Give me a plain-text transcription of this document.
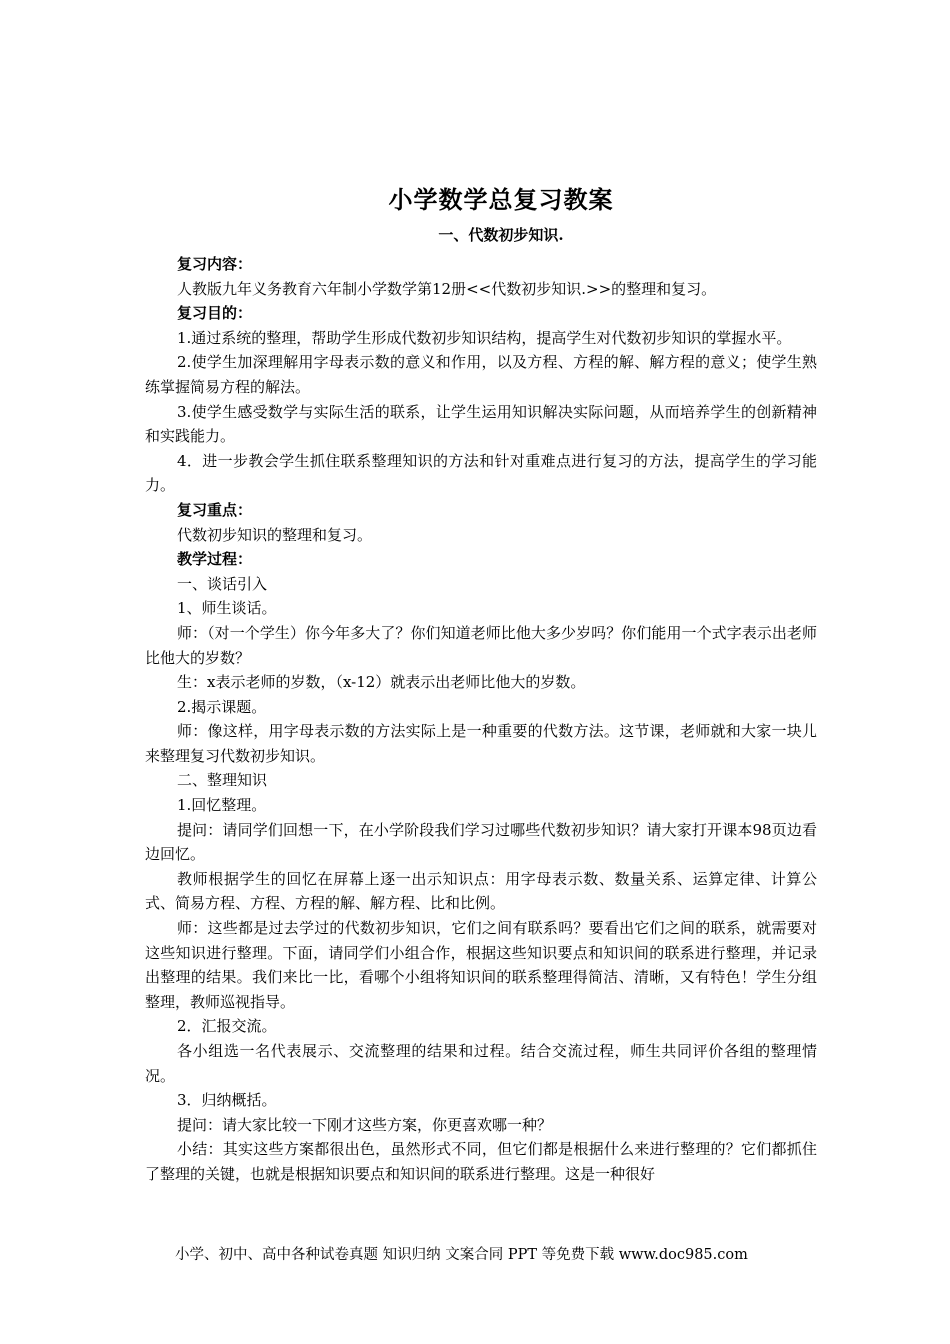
小学数学总复习教案
一、代数初步知识.

复习内容：

人教版九年义务教育六年制小学数学第12册<<代数初步知识.>>的整理和复习。

复习目的：

1.通过系统的整理，帮助学生形成代数初步知识结构，提高学生对代数初步知识的掌握水平。

2.使学生加深理解用字母表示数的意义和作用，以及方程、方程的解、解方程的意义；使学生熟练掌握简易方程的解法。

3.使学生感受数学与实际生活的联系，让学生运用知识解决实际问题，从而培养学生的创新精神和实践能力。

4．进一步教会学生抓住联系整理知识的方法和针对重难点进行复习的方法，提高学生的学习能力。

复习重点：

代数初步知识的整理和复习。

教学过程：

一、谈话引入

1、师生谈话。

师：（对一个学生）你今年多大了？你们知道老师比他大多少岁吗？你们能用一个式字表示出老师比他大的岁数？

生：x表示老师的岁数，（x-12）就表示出老师比他大的岁数。

2.揭示课题。

师：像这样，用字母表示数的方法实际上是一种重要的代数方法。这节课，老师就和大家一块儿来整理复习代数初步知识。

二、整理知识

1.回忆整理。

提问：请同学们回想一下，在小学阶段我们学习过哪些代数初步知识？请大家打开课本98页边看边回忆。

教师根据学生的回忆在屏幕上逐一出示知识点：用字母表示数、数量关系、运算定律、计算公式、简易方程、方程、方程的解、解方程、比和比例。

师：这些都是过去学过的代数初步知识，它们之间有联系吗？要看出它们之间的联系，就需要对这些知识进行整理。下面，请同学们小组合作，根据这些知识要点和知识间的联系进行整理，并记录出整理的结果。我们来比一比，看哪个小组将知识间的联系整理得简洁、清晰，又有特色！学生分组整理，教师巡视指导。

2．汇报交流。

各小组选一名代表展示、交流整理的结果和过程。结合交流过程，师生共同评价各组的整理情况。

3．归纳概括。

提问：请大家比较一下刚才这些方案，你更喜欢哪一种？

小结：其实这些方案都很出色，虽然形式不同，但它们都是根据什么来进行整理的？它们都抓住了整理的关键，也就是根据知识要点和知识间的联系进行整理。这是一种很好

小学、初中、高中各种试卷真题 知识归纳 文案合同 PPT 等免费下载 www.doc985.com
